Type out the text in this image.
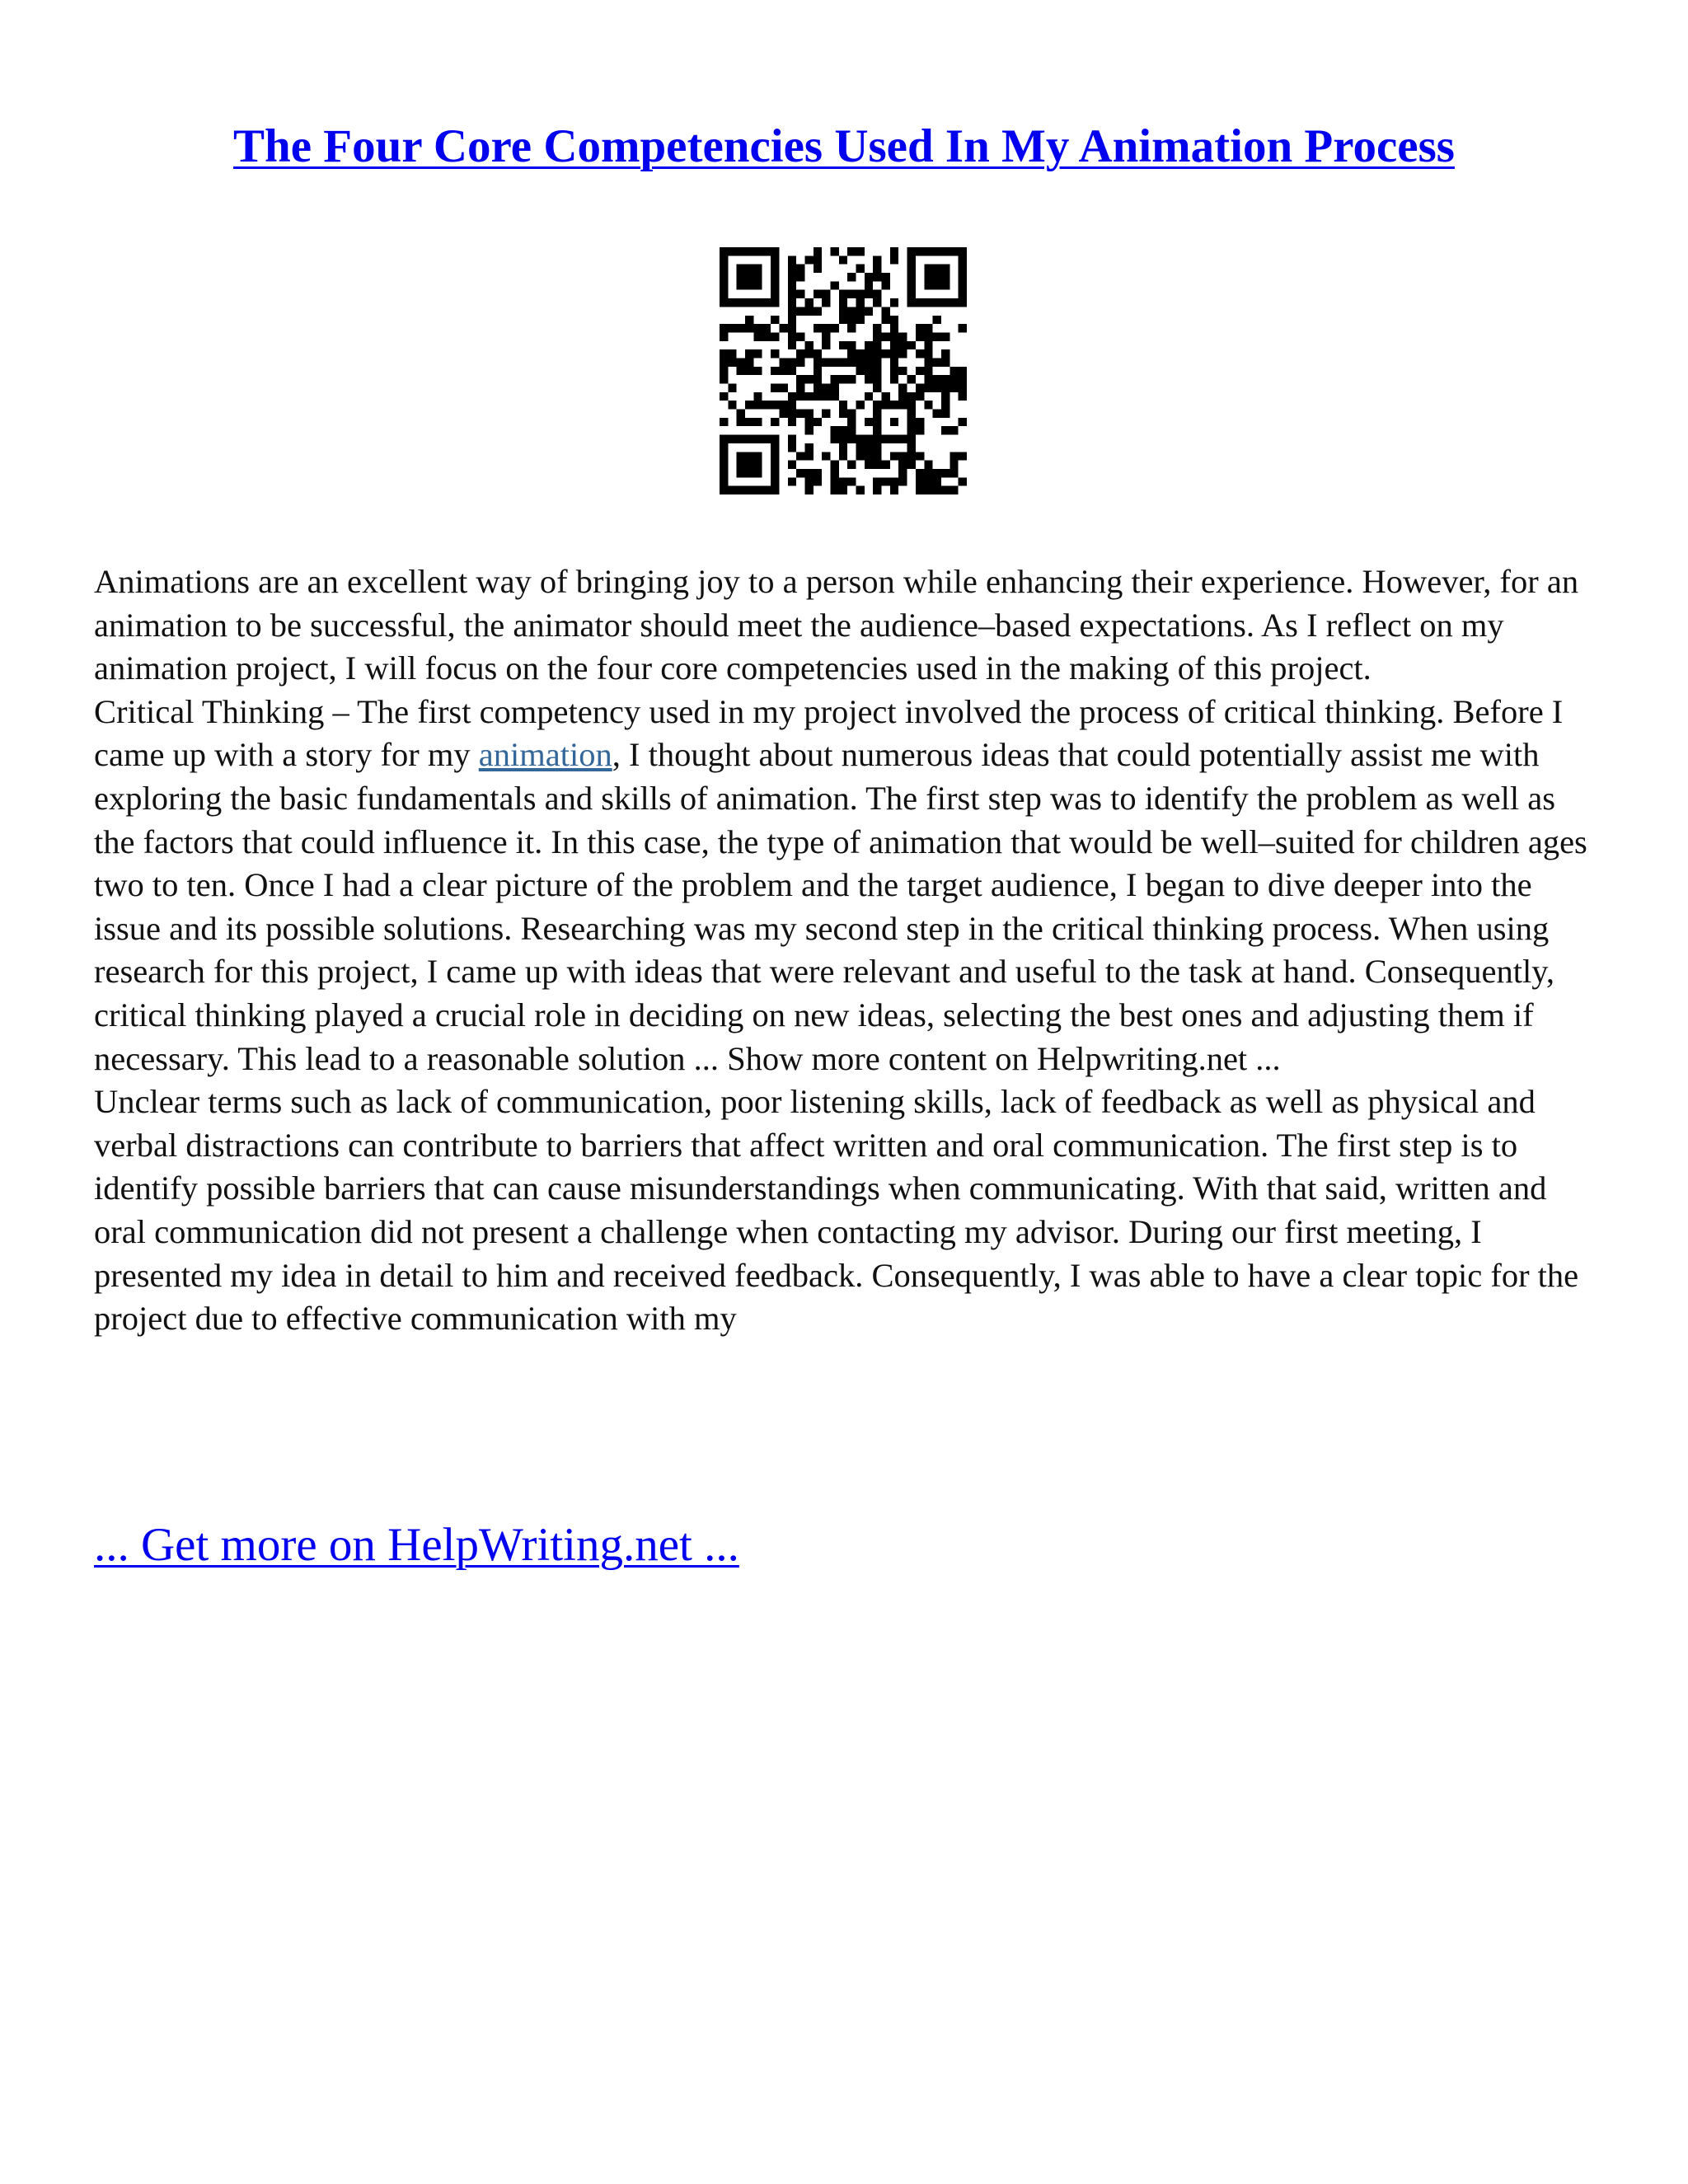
The Four Core Competencies Used In My Animation Process

Animations are an excellent way of bringing joy to a person while enhancing their experience. However, for an animation to be successful, the animator should meet the audience–based expectations. As I reflect on my animation project, I will focus on the four core competencies used in the making of this project.

Critical Thinking – The first competency used in my project involved the process of critical thinking. Before I came up with a story for my animation, I thought about numerous ideas that could potentially assist me with exploring the basic fundamentals and skills of animation. The first step was to identify the problem as well as the factors that could influence it. In this case, the type of animation that would be well–suited for children ages two to ten. Once I had a clear picture of the problem and the target audience, I began to dive deeper into the issue and its possible solutions. Researching was my second step in the critical thinking process. When using research for this project, I came up with ideas that were relevant and useful to the task at hand. Consequently, critical thinking played a crucial role in deciding on new ideas, selecting the best ones and adjusting them if necessary. This lead to a reasonable solution ... Show more content on Helpwriting.net ...

Unclear terms such as lack of communication, poor listening skills, lack of feedback as well as physical and verbal distractions can contribute to barriers that affect written and oral communication. The first step is to identify possible barriers that can cause misunderstandings when communicating. With that said, written and oral communication did not present a challenge when contacting my advisor. During our first meeting, I presented my idea in detail to him and received feedback. Consequently, I was able to have a clear topic for the project due to effective communication with my

... Get more on HelpWriting.net ...
